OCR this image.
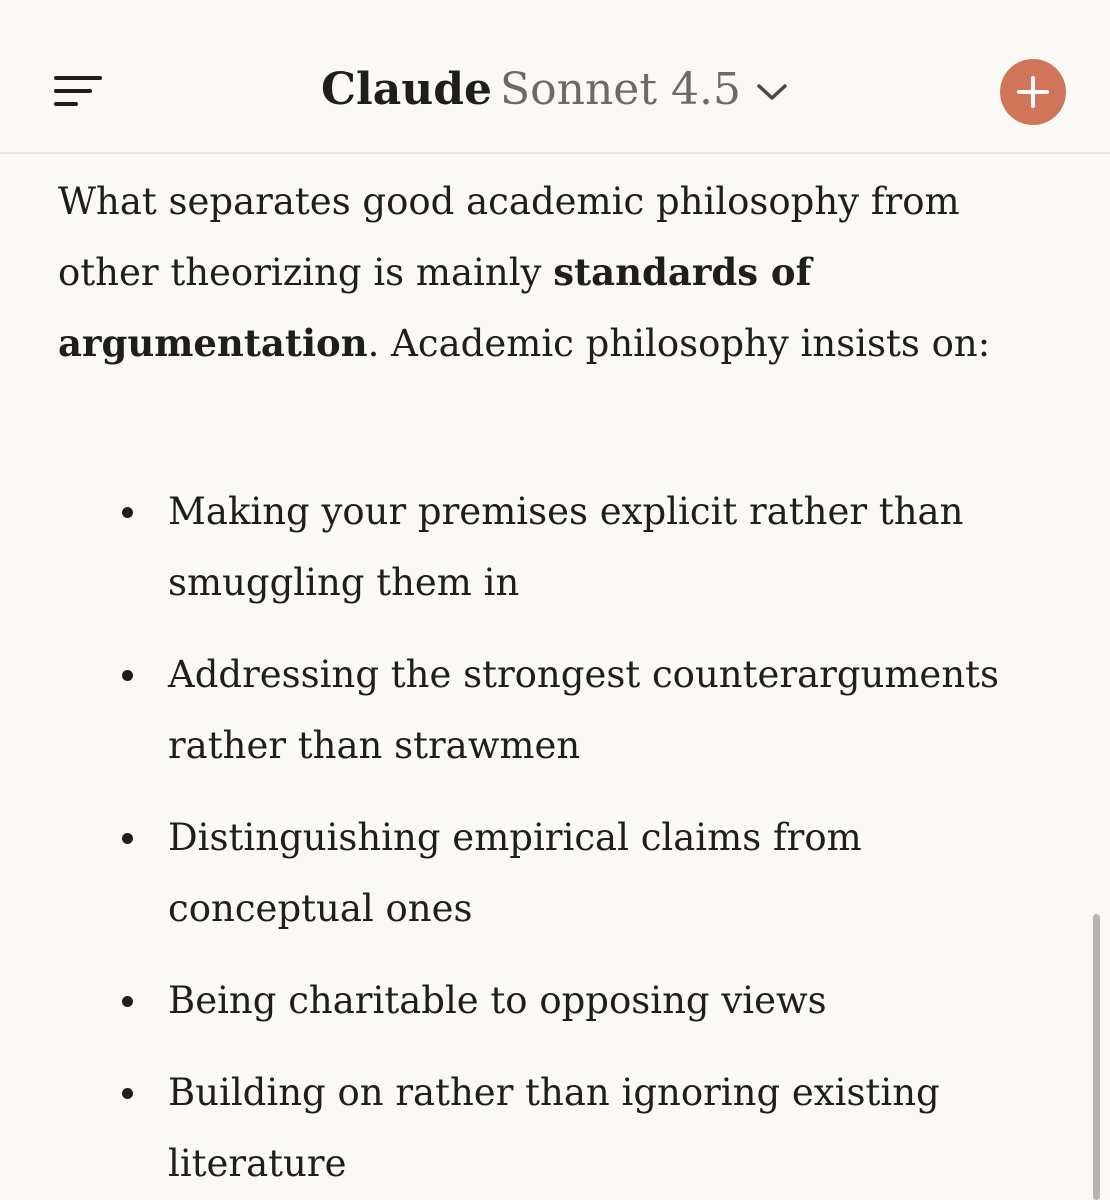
Claude Sonnet 4.5

What separates good academic philosophy from other theorizing is mainly standards of argumentation. Academic philosophy insists on:

Making your premises explicit rather than smuggling them in
Addressing the strongest counterarguments rather than strawmen
Distinguishing empirical claims from conceptual ones
Being charitable to opposing views
Building on rather than ignoring existing literature
